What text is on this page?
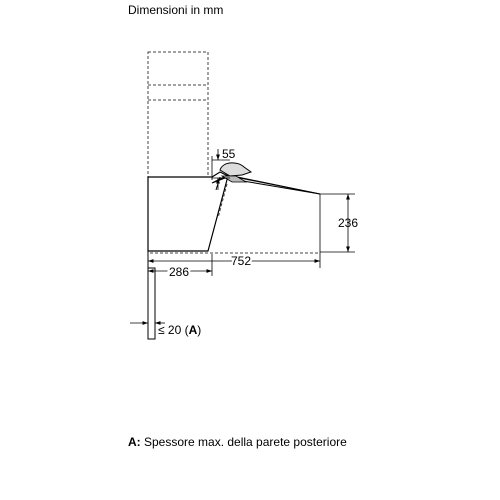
Dimensioni in mm
55
236
752
286
≤ 20 (A)
A: Spessore max. della parete posteriore
